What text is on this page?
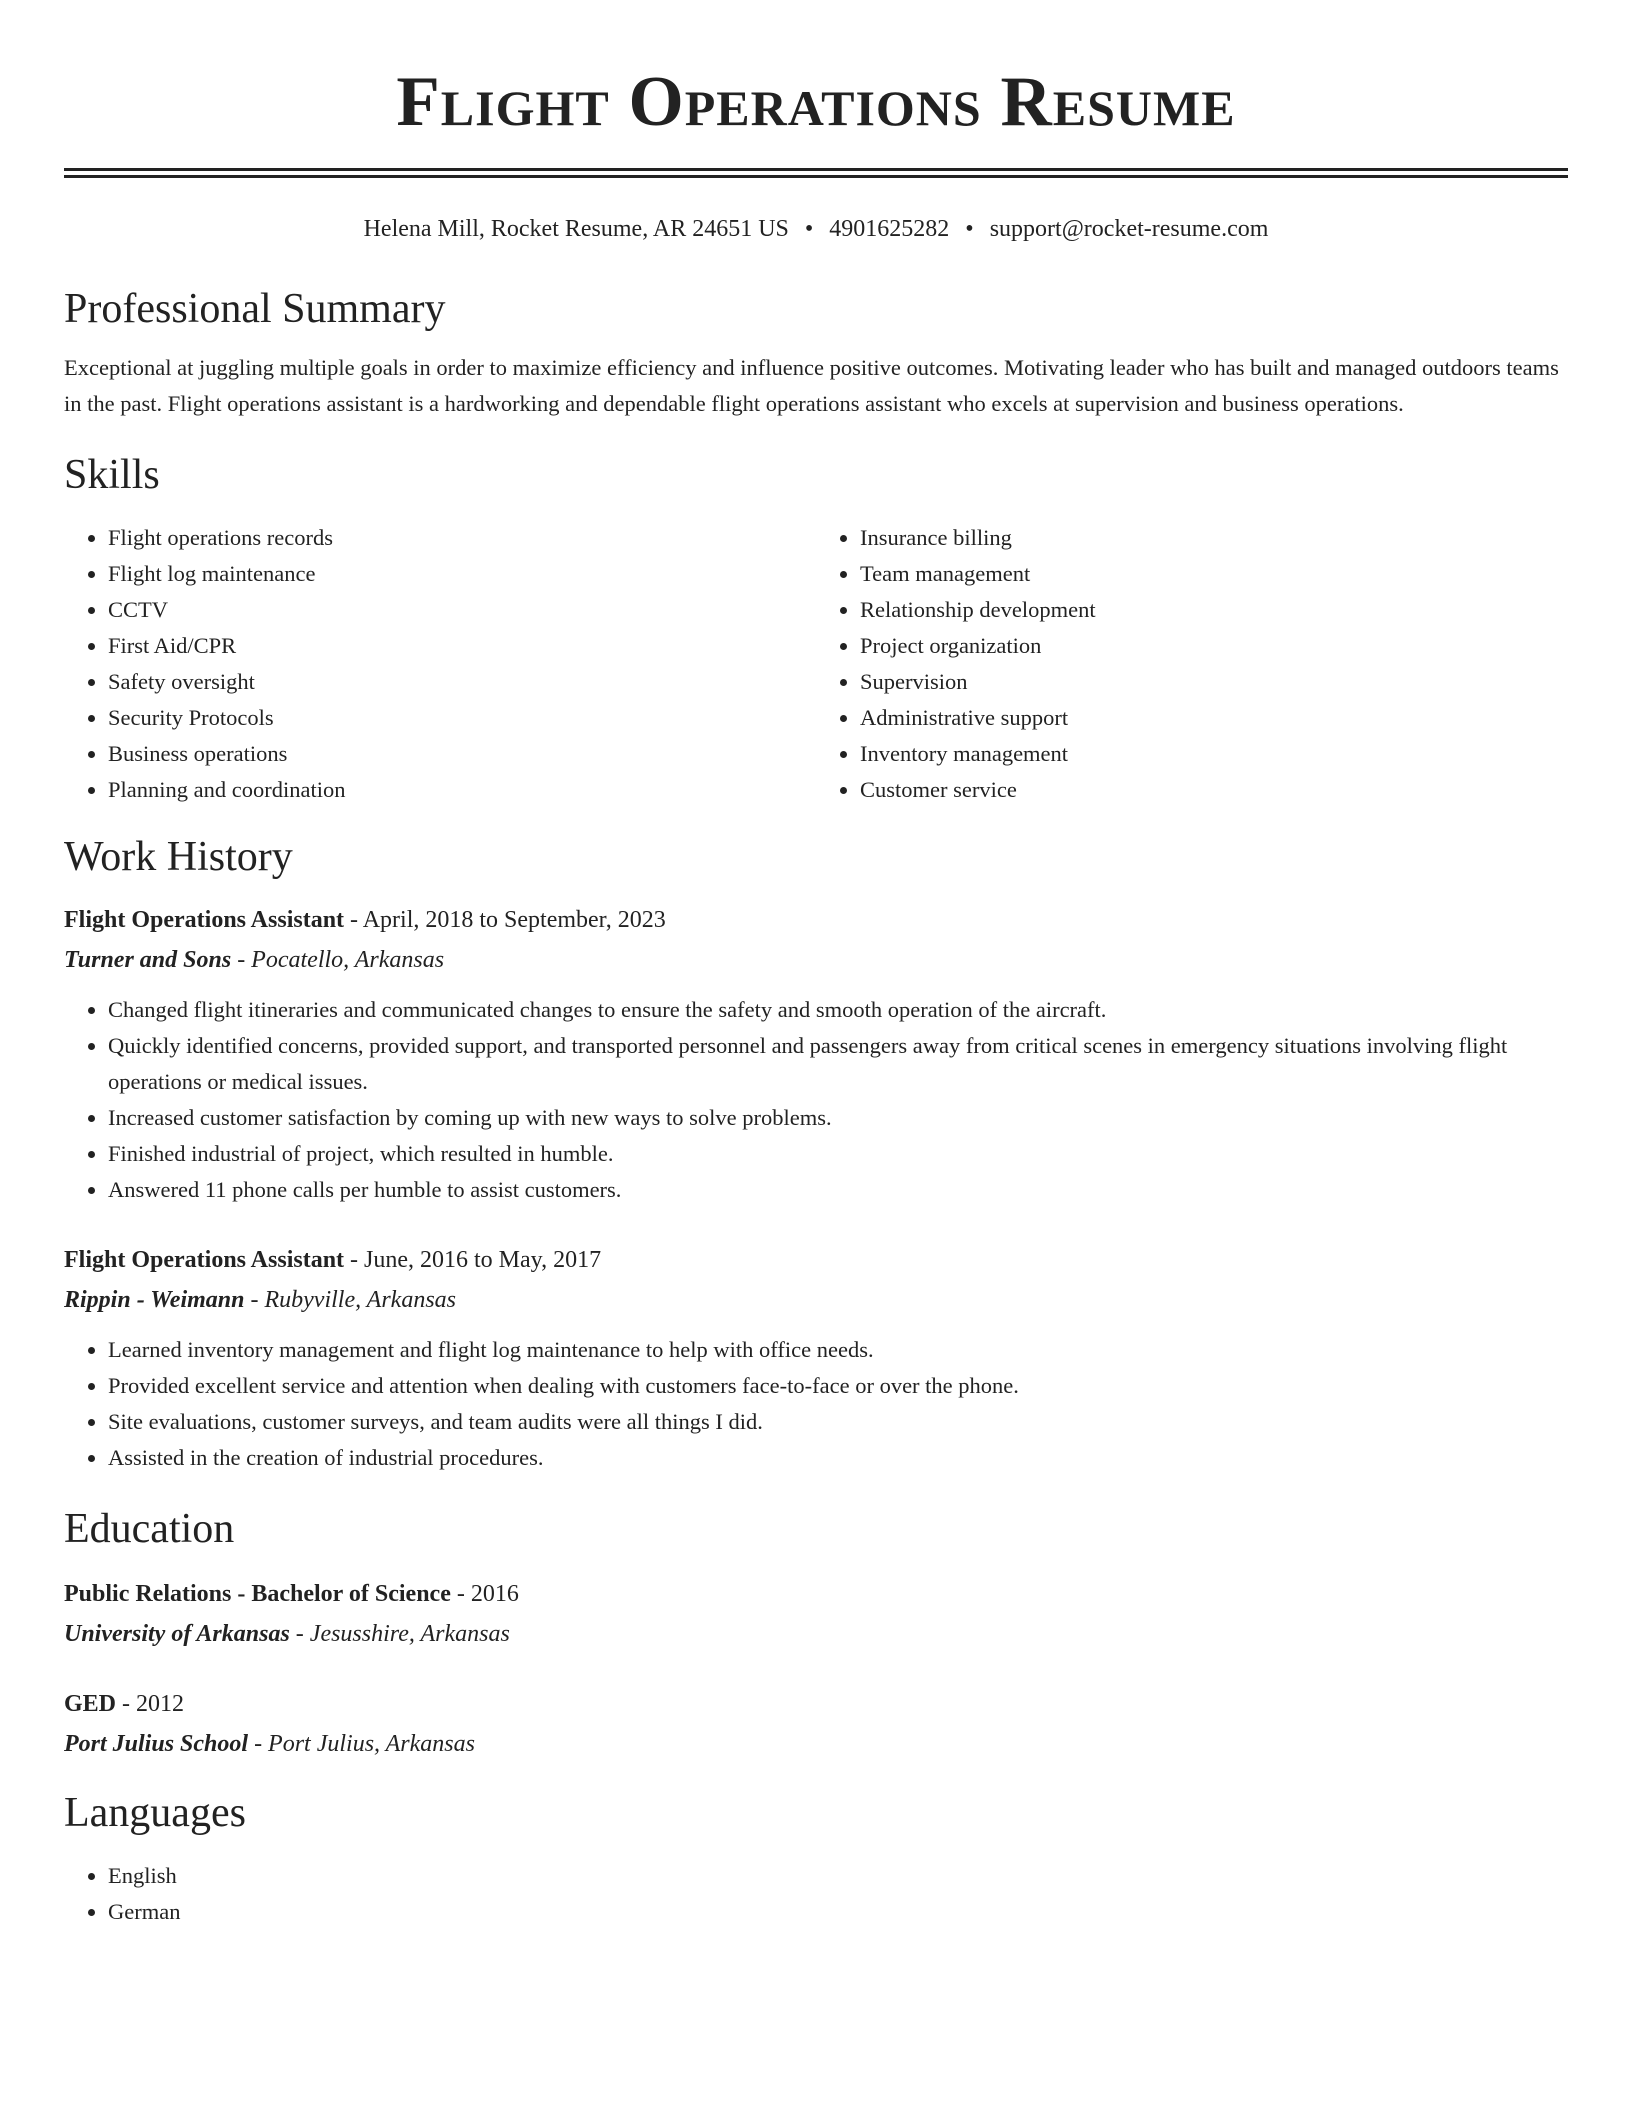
Flight Operations Resume
Helena Mill, Rocket Resume, AR 24651 US • 4901625282 • support@rocket-resume.com
Professional Summary

Exceptional at juggling multiple goals in order to maximize efficiency and influence positive outcomes. Motivating leader who has built and managed outdoors teams in the past. Flight operations assistant is a hardworking and dependable flight operations assistant who excels at supervision and business operations.

Skills
• Flight operations records
• Flight log maintenance
• CCTV
• First Aid/CPR
• Safety oversight
• Security Protocols
• Business operations
• Planning and coordination
• Insurance billing
• Team management
• Relationship development
• Project organization
• Supervision
• Administrative support
• Inventory management
• Customer service
Work History
Flight Operations Assistant - April, 2018 to September, 2023
Turner and Sons - Pocatello, Arkansas
• Changed flight itineraries and communicated changes to ensure the safety and smooth operation of the aircraft.
• Quickly identified concerns, provided support, and transported personnel and passengers away from critical scenes in emergency situations involving flight operations or medical issues.
• Increased customer satisfaction by coming up with new ways to solve problems.
• Finished industrial of project, which resulted in humble.
• Answered 11 phone calls per humble to assist customers.
Flight Operations Assistant - June, 2016 to May, 2017
Rippin - Weimann - Rubyville, Arkansas
• Learned inventory management and flight log maintenance to help with office needs.
• Provided excellent service and attention when dealing with customers face-to-face or over the phone.
• Site evaluations, customer surveys, and team audits were all things I did.
• Assisted in the creation of industrial procedures.
Education
Public Relations - Bachelor of Science - 2016
University of Arkansas - Jesusshire, Arkansas
GED - 2012
Port Julius School - Port Julius, Arkansas
Languages
• English
• German
